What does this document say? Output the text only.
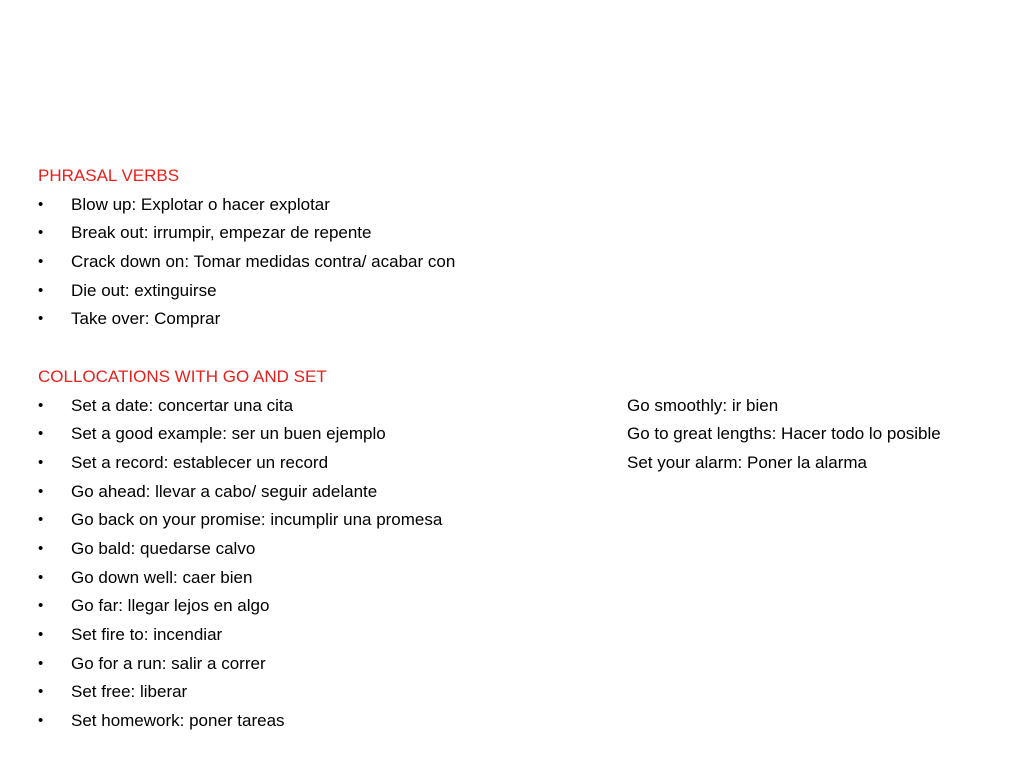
PHRASAL VERBS
• Blow up: Explotar o hacer explotar
• Break out: irrumpir, empezar de repente
• Crack down on: Tomar medidas contra/ acabar con
• Die out: extinguirse
• Take over: Comprar
COLLOCATIONS WITH GO AND SET
• Set a date: concertar una cita	Go smoothly: ir bien
• Set a good example: ser un buen ejemplo	Go to great lengths: Hacer todo lo posible
• Set a record: establecer un record	Set your alarm: Poner la alarma
• Go ahead: llevar a cabo/ seguir adelante
• Go back on your promise: incumplir una promesa
• Go bald: quedarse calvo
• Go down well: caer bien
• Go far: llegar lejos en algo
• Set fire to: incendiar
• Go for a run: salir a correr
• Set free: liberar
• Set homework: poner tareas
